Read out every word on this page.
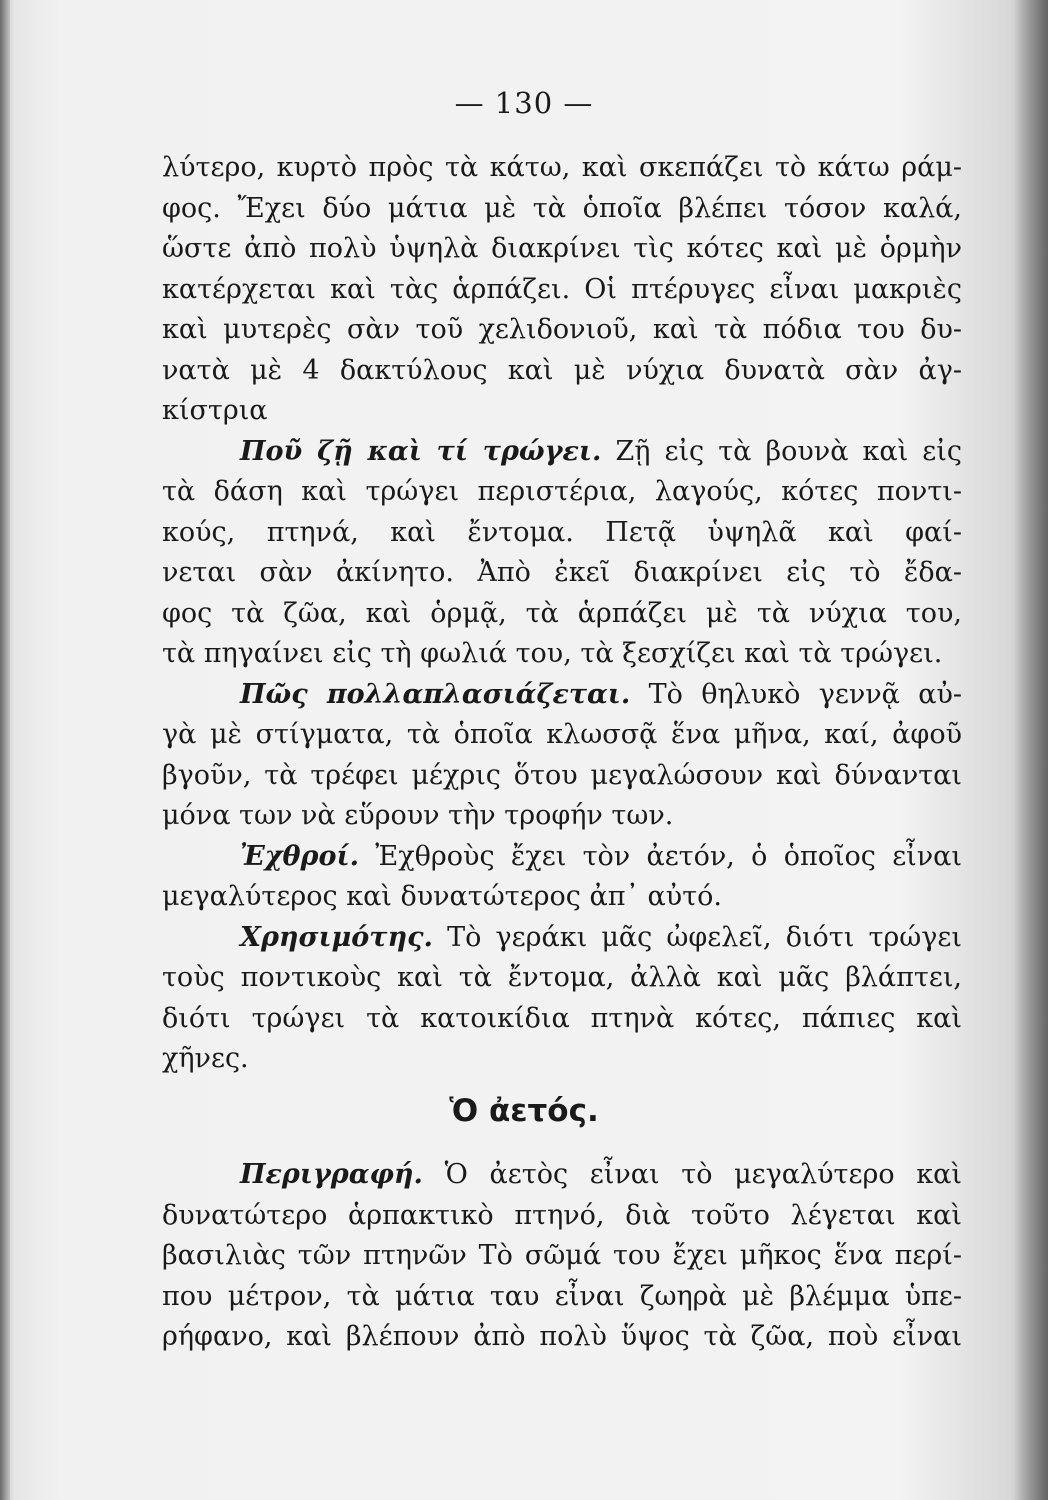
— 130 —
λύτερο, κυρτὸ πρὸς τὰ κάτω, καὶ σκεπάζει τὸ κάτω ράμ-
φος. Ἔχει δύο μάτια μὲ τὰ ὁποῖα βλέπει τόσον καλά,
ὥστε ἀπὸ πολὺ ὑψηλὰ διακρίνει τὶς κότες καὶ μὲ ὁρμὴν
κατέρχεται καὶ τὰς ἁρπάζει. Οἱ πτέρυγες εἶναι μακριὲς
καὶ μυτερὲς σὰν τοῦ χελιδονιοῦ, καὶ τὰ πόδια του δυ-
νατὰ μὲ 4 δακτύλους καὶ μὲ νύχια δυνατὰ σὰν ἀγ-
κίστρια
Ποῦ ζῇ καὶ τί τρώγει. Ζῇ εἰς τὰ βουνὰ καὶ εἰς
τὰ δάση καὶ τρώγει περιστέρια, λαγούς, κότες ποντι-
κούς, πτηνά, καὶ ἔντομα. Πετᾷ ὑψηλᾶ καὶ φαί-
νεται σὰν ἀκίνητο. Ἀπὸ ἐκεῖ διακρίνει εἰς τὸ ἔδα-
φος τὰ ζῶα, καὶ ὁρμᾷ, τὰ ἁρπάζει μὲ τὰ νύχια του,
τὰ πηγαίνει εἰς τὴ φωλιά του, τὰ ξεσχίζει καὶ τὰ τρώγει.
Πῶς πολλαπλασιάζεται. Τὸ θηλυκὸ γεννᾷ αὐ-
γὰ μὲ στίγματα, τὰ ὁποῖα κλωσσᾷ ἕνα μῆνα, καί, ἀφοῦ
βγοῦν, τὰ τρέφει μέχρις ὅτου μεγαλώσουν καὶ δύνανται
μόνα των νὰ εὕρουν τὴν τροφήν των.
Ἐχθροί. Ἐχθροὺς ἔχει τὸν ἀετόν, ὁ ὁποῖος εἶναι
μεγαλύτερος καὶ δυνατώτερος ἀπ᾽ αὐτό.
Χρησιμότης. Τὸ γεράκι μᾶς ὠφελεῖ, διότι τρώγει
τοὺς ποντικοὺς καὶ τὰ ἔντομα, ἀλλὰ καὶ μᾶς βλάπτει,
διότι τρώγει τὰ κατοικίδια πτηνὰ κότες, πάπιες καὶ
χῆνες.
Ὁ ἀετός.
Περιγραφή. Ὁ ἀετὸς εἶναι τὸ μεγαλύτερο καὶ
δυνατώτερο ἁρπακτικὸ πτηνό, διὰ τοῦτο λέγεται καὶ
βασιλιὰς τῶν πτηνῶν Τὸ σῶμά του ἔχει μῆκος ἕνα περί-
που μέτρον, τὰ μάτια ταυ εἶναι ζωηρὰ μὲ βλέμμα ὑπε-
ρήφανο, καὶ βλέπουν ἀπὸ πολὺ ὕψος τὰ ζῶα, ποὺ εἶναι
